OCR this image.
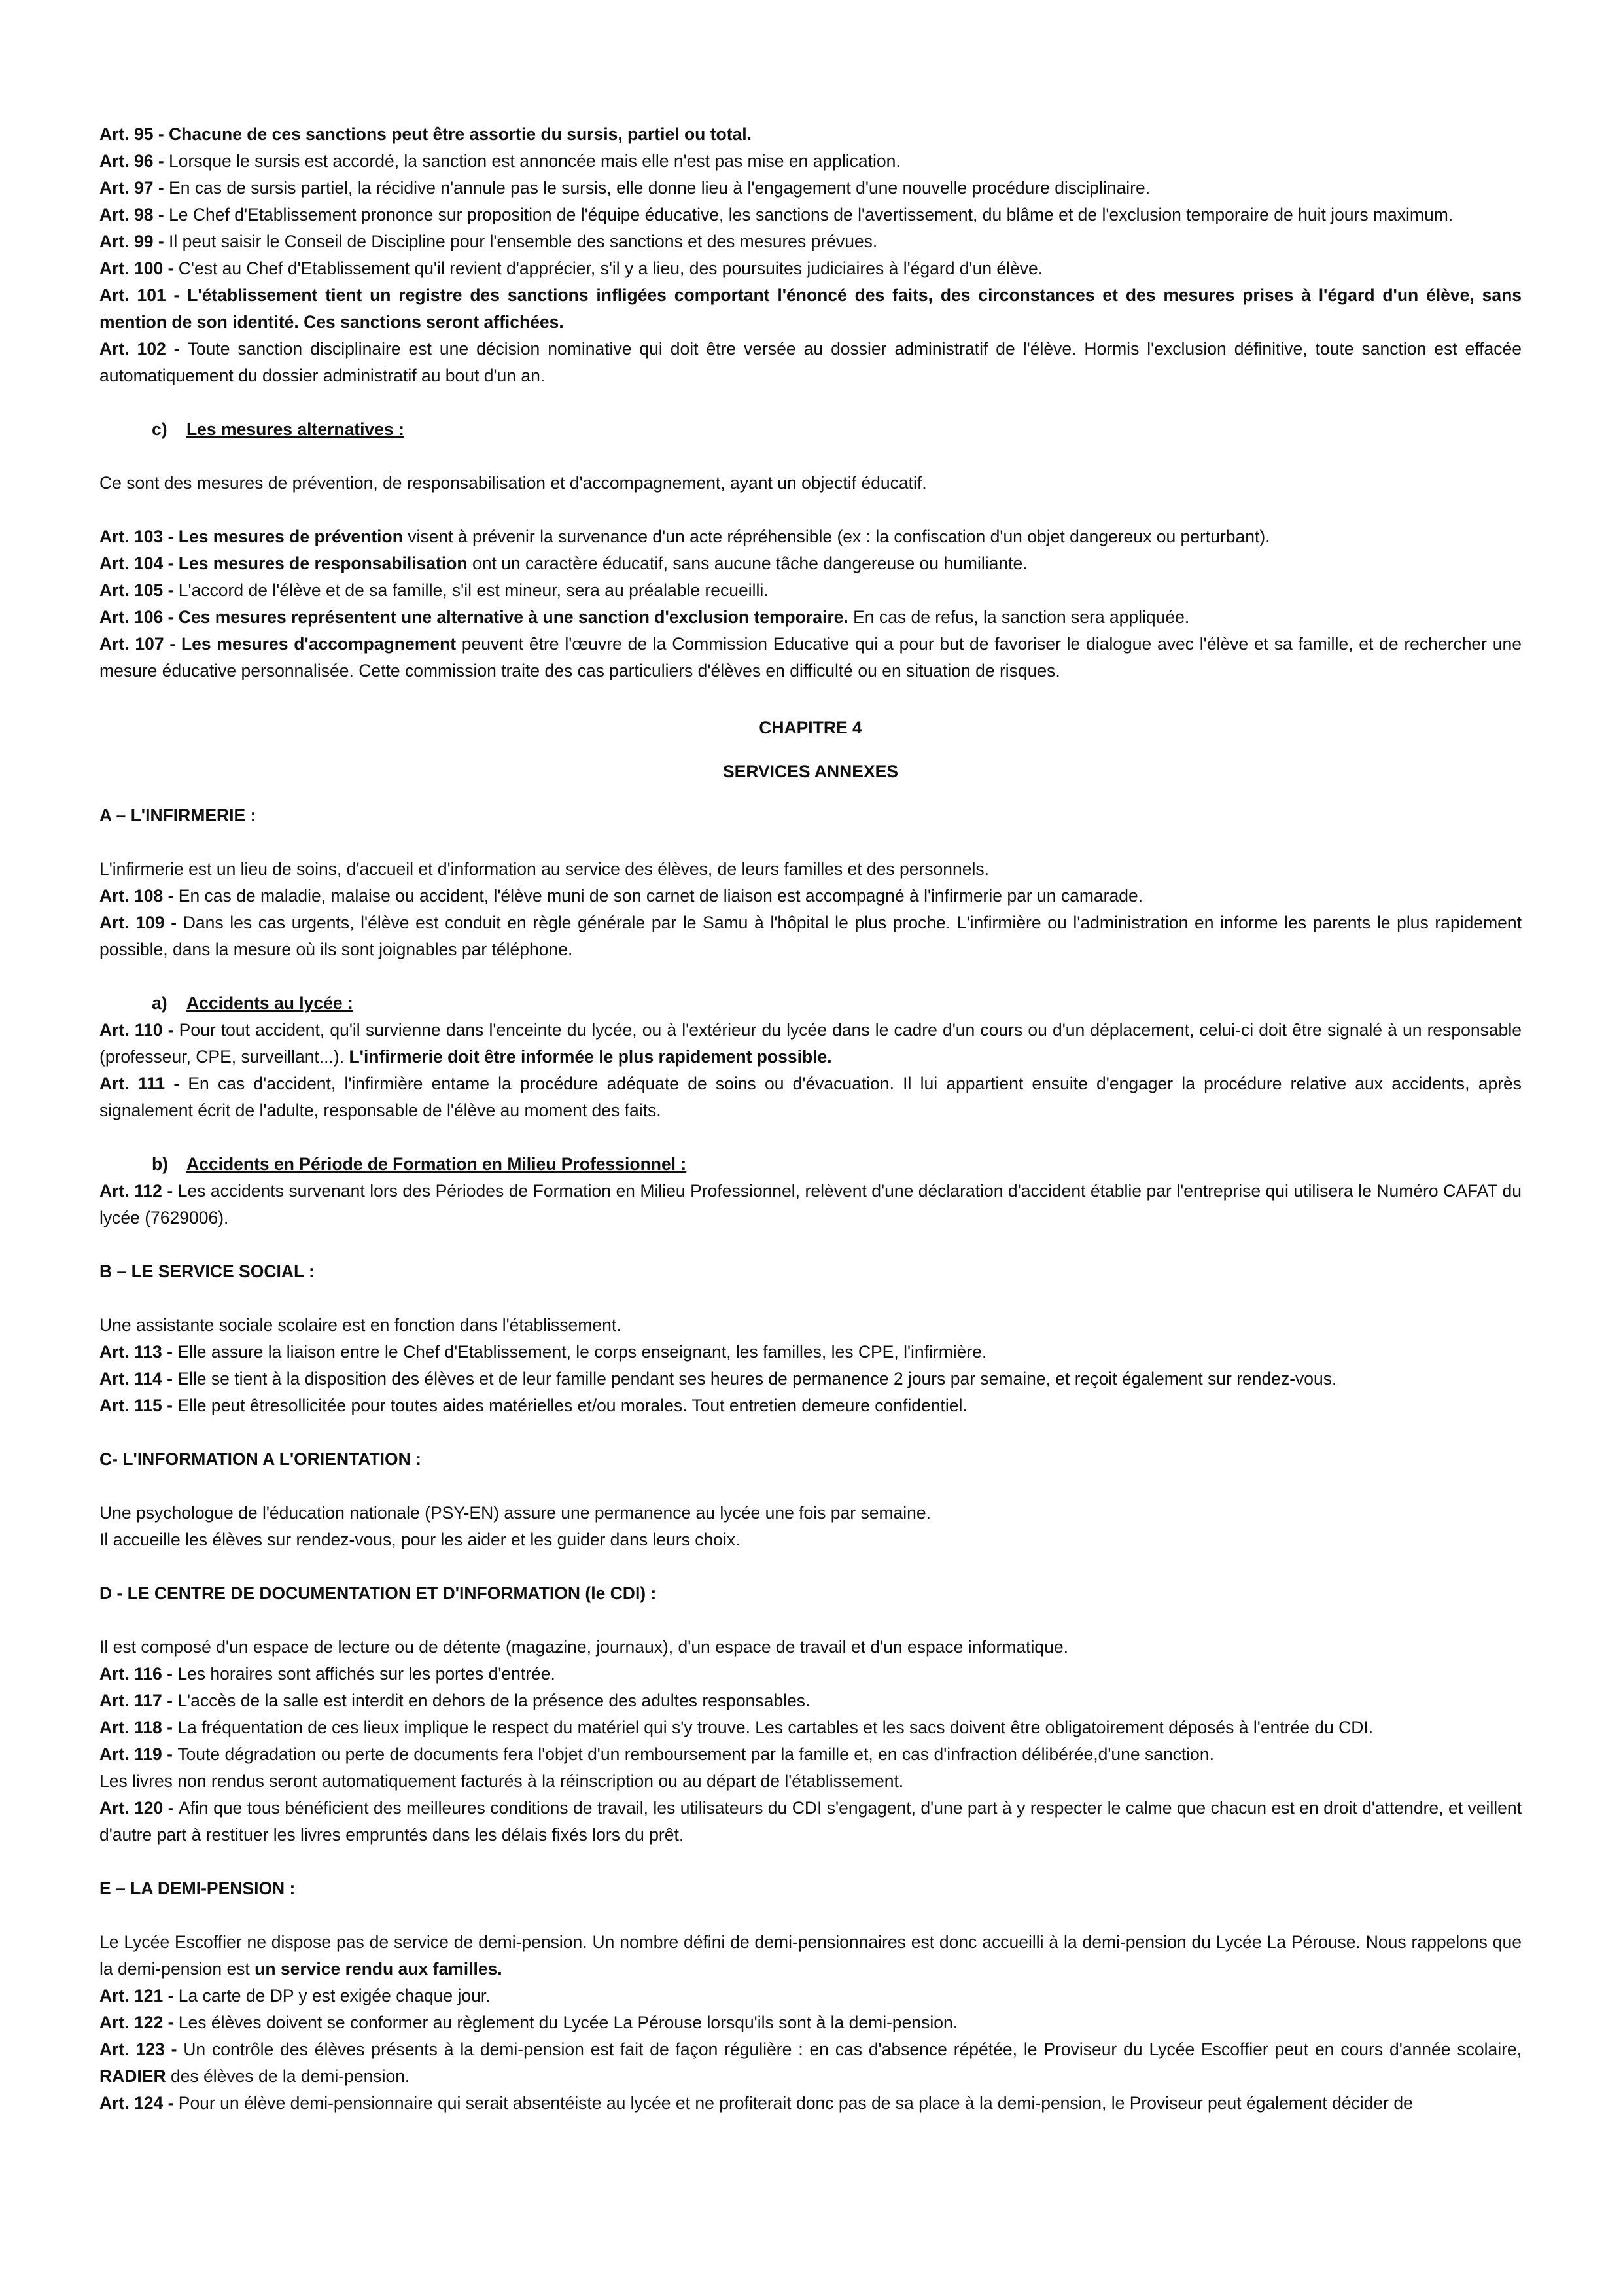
Art. 95 - Chacune de ces sanctions peut être assortie du sursis, partiel ou total.

Art. 96 - Lorsque le sursis est accordé, la sanction est annoncée mais elle n'est pas mise en application.

Art. 97 - En cas de sursis partiel, la récidive n'annule pas le sursis, elle donne lieu à l'engagement d'une nouvelle procédure disciplinaire.

Art. 98 - Le Chef d'Etablissement prononce sur proposition de l'équipe éducative, les sanctions de l'avertissement, du blâme et de l'exclusion temporaire de huit jours maximum.

Art. 99 - Il peut saisir le Conseil de Discipline pour l'ensemble des sanctions et des mesures prévues.

Art. 100 - C'est au Chef d'Etablissement qu'il revient d'apprécier, s'il y a lieu, des poursuites judiciaires à l'égard d'un élève.

Art. 101 - L'établissement tient un registre des sanctions infligées comportant l'énoncé des faits, des circonstances et des mesures prises à l'égard d'un élève, sans mention de son identité. Ces sanctions seront affichées.

Art. 102 - Toute sanction disciplinaire est une décision nominative qui doit être versée au dossier administratif de l'élève. Hormis l'exclusion définitive, toute sanction est effacée automatiquement du dossier administratif au bout d'un an.

c) Les mesures alternatives :

Ce sont des mesures de prévention, de responsabilisation et d'accompagnement, ayant un objectif éducatif.

Art. 103 - Les mesures de prévention visent à prévenir la survenance d'un acte répréhensible (ex : la confiscation d'un objet dangereux ou perturbant).

Art. 104 - Les mesures de responsabilisation ont un caractère éducatif, sans aucune tâche dangereuse ou humiliante.

Art. 105 - L'accord de l'élève et de sa famille, s'il est mineur, sera au préalable recueilli.

Art. 106 - Ces mesures représentent une alternative à une sanction d'exclusion temporaire. En cas de refus, la sanction sera appliquée.

Art. 107 - Les mesures d'accompagnement peuvent être l'œuvre de la Commission Educative qui a pour but de favoriser le dialogue avec l'élève et sa famille, et de rechercher une mesure éducative personnalisée. Cette commission traite des cas particuliers d'élèves en difficulté ou en situation de risques.

CHAPITRE 4

SERVICES ANNEXES

A – L'INFIRMERIE :

L'infirmerie est un lieu de soins, d'accueil et d'information au service des élèves, de leurs familles et des personnels.

Art. 108 - En cas de maladie, malaise ou accident, l'élève muni de son carnet de liaison est accompagné à l'infirmerie par un camarade.

Art. 109 - Dans les cas urgents, l'élève est conduit en règle générale par le Samu à l'hôpital le plus proche. L'infirmière ou l'administration en informe les parents le plus rapidement possible, dans la mesure où ils sont joignables par téléphone.

a) Accidents au lycée :

Art. 110 - Pour tout accident, qu'il survienne dans l'enceinte du lycée, ou à l'extérieur du lycée dans le cadre d'un cours ou d'un déplacement, celui-ci doit être signalé à un responsable (professeur, CPE, surveillant...). L'infirmerie doit être informée le plus rapidement possible.

Art. 111 - En cas d'accident, l'infirmière entame la procédure adéquate de soins ou d'évacuation. Il lui appartient ensuite d'engager la procédure relative aux accidents, après signalement écrit de l'adulte, responsable de l'élève au moment des faits.

b) Accidents en Période de Formation en Milieu Professionnel :

Art. 112 - Les accidents survenant lors des Périodes de Formation en Milieu Professionnel, relèvent d'une déclaration d'accident établie par l'entreprise qui utilisera le Numéro CAFAT du lycée (7629006).

B – LE SERVICE SOCIAL :

Une assistante sociale scolaire est en fonction dans l'établissement.

Art. 113 - Elle assure la liaison entre le Chef d'Etablissement, le corps enseignant, les familles, les CPE, l'infirmière.

Art. 114 - Elle se tient à la disposition des élèves et de leur famille pendant ses heures de permanence 2 jours par semaine, et reçoit également sur rendez-vous.

Art. 115 - Elle peut êtresollicitée pour toutes aides matérielles et/ou morales. Tout entretien demeure confidentiel.

C- L'INFORMATION A L'ORIENTATION :

Une psychologue de l'éducation nationale (PSY-EN) assure une permanence au lycée une fois par semaine.

Il accueille les élèves sur rendez-vous, pour les aider et les guider dans leurs choix.

D - LE CENTRE DE DOCUMENTATION ET D'INFORMATION (le CDI) :

Il est composé d'un espace de lecture ou de détente (magazine, journaux), d'un espace de travail et d'un espace informatique.

Art. 116 - Les horaires sont affichés sur les portes d'entrée.

Art. 117 - L'accès de la salle est interdit en dehors de la présence des adultes responsables.

Art. 118 - La fréquentation de ces lieux implique le respect du matériel qui s'y trouve. Les cartables et les sacs doivent être obligatoirement déposés à l'entrée du CDI.

Art. 119 - Toute dégradation ou perte de documents fera l'objet d'un remboursement par la famille et, en cas d'infraction délibérée,d'une sanction.

Les livres non rendus seront automatiquement facturés à la réinscription ou au départ de l'établissement.

Art. 120 - Afin que tous bénéficient des meilleures conditions de travail, les utilisateurs du CDI s'engagent, d'une part à y respecter le calme que chacun est en droit d'attendre, et veillent d'autre part à restituer les livres empruntés dans les délais fixés lors du prêt.

E – LA DEMI-PENSION :

Le Lycée Escoffier ne dispose pas de service de demi-pension. Un nombre défini de demi-pensionnaires est donc accueilli à la demi-pension du Lycée La Pérouse. Nous rappelons que la demi-pension est un service rendu aux familles.

Art. 121 - La carte de DP y est exigée chaque jour.

Art. 122 - Les élèves doivent se conformer au règlement du Lycée La Pérouse lorsqu'ils sont à la demi-pension.

Art. 123 - Un contrôle des élèves présents à la demi-pension est fait de façon régulière : en cas d'absence répétée, le Proviseur du Lycée Escoffier peut en cours d'année scolaire, RADIER des élèves de la demi-pension.

Art. 124 - Pour un élève demi-pensionnaire qui serait absentéiste au lycée et ne profiterait donc pas de sa place à la demi-pension, le Proviseur peut également décider de
